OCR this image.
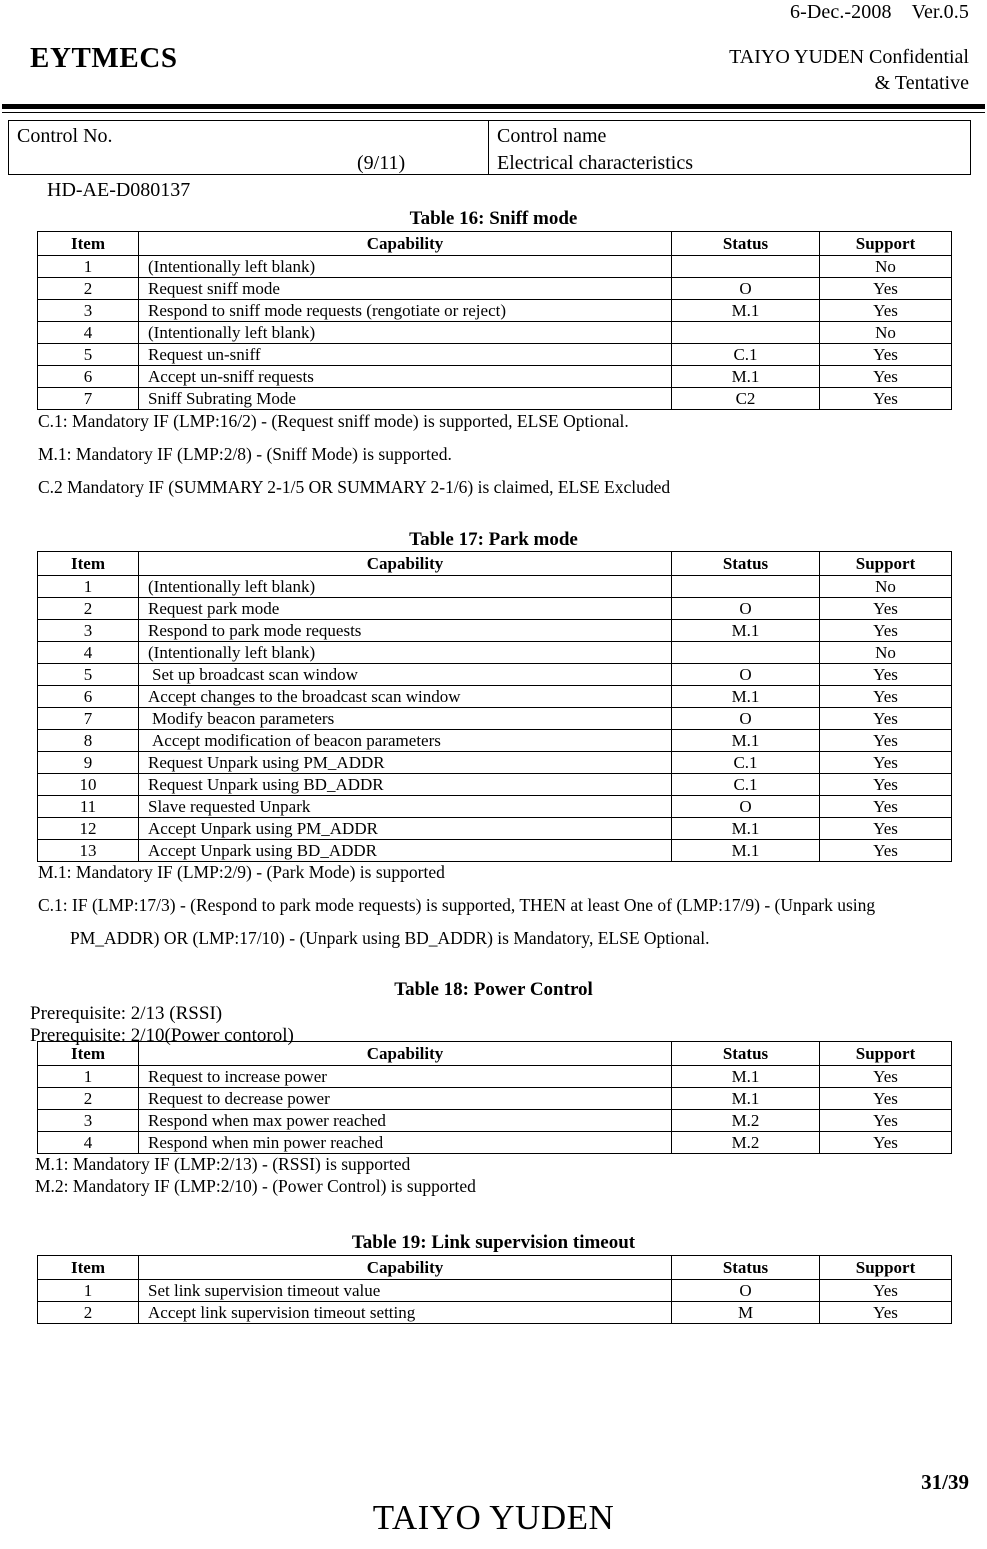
6-Dec.-2008    Ver.0.5
EYTMECS	TAIYO YUDEN Confidential
& Tentative
Control No.

HD-AE-D080137

(9/11)

Control name
Electrical characteristics
Table 16: Sniff mode
Item	Capability	Status	Support
1	(Intentionally left blank)		No
2	Request sniff mode	O	Yes
3	Respond to sniff mode requests (rengotiate or reject)	M.1	Yes
4	(Intentionally left blank)		No
5	Request un-sniff	C.1	Yes
6	Accept un-sniff requests	M.1	Yes
7	Sniff Subrating Mode	C2	Yes
C.1: Mandatory IF (LMP:16/2) - (Request sniff mode) is supported, ELSE Optional.
M.1: Mandatory IF (LMP:2/8) - (Sniff Mode) is supported.
C.2 Mandatory IF (SUMMARY 2-1/5 OR SUMMARY 2-1/6) is claimed, ELSE Excluded
Table 17: Park mode
Item	Capability	Status	Support
1	(Intentionally left blank)		No
2	Request park mode	O	Yes
3	Respond to park mode requests	M.1	Yes
4	(Intentionally left blank)		No
5	Set up broadcast scan window	O	Yes
6	Accept changes to the broadcast scan window	M.1	Yes
7	Modify beacon parameters	O	Yes
8	Accept modification of beacon parameters	M.1	Yes
9	Request Unpark using PM_ADDR	C.1	Yes
10	Request Unpark using BD_ADDR	C.1	Yes
11	Slave requested Unpark	O	Yes
12	Accept Unpark using PM_ADDR	M.1	Yes
13	Accept Unpark using BD_ADDR	M.1	Yes
M.1: Mandatory IF (LMP:2/9) - (Park Mode) is supported
C.1: IF (LMP:17/3) - (Respond to park mode requests) is supported, THEN at least One of (LMP:17/9) - (Unpark using
PM_ADDR) OR (LMP:17/10) - (Unpark using BD_ADDR) is Mandatory, ELSE Optional.
Table 18: Power Control
Prerequisite: 2/13 (RSSI)
Prerequisite: 2/10(Power contorol)
Item	Capability	Status	Support
1	Request to increase power	M.1	Yes
2	Request to decrease power	M.1	Yes
3	Respond when max power reached	M.2	Yes
4	Respond when min power reached	M.2	Yes
M.1: Mandatory IF (LMP:2/13) - (RSSI) is supported
M.2: Mandatory IF (LMP:2/10) - (Power Control) is supported
Table 19: Link supervision timeout
Item	Capability	Status	Support
1	Set link supervision timeout value	O	Yes
2	Accept link supervision timeout setting	M	Yes
31/39
TAIYO YUDEN
